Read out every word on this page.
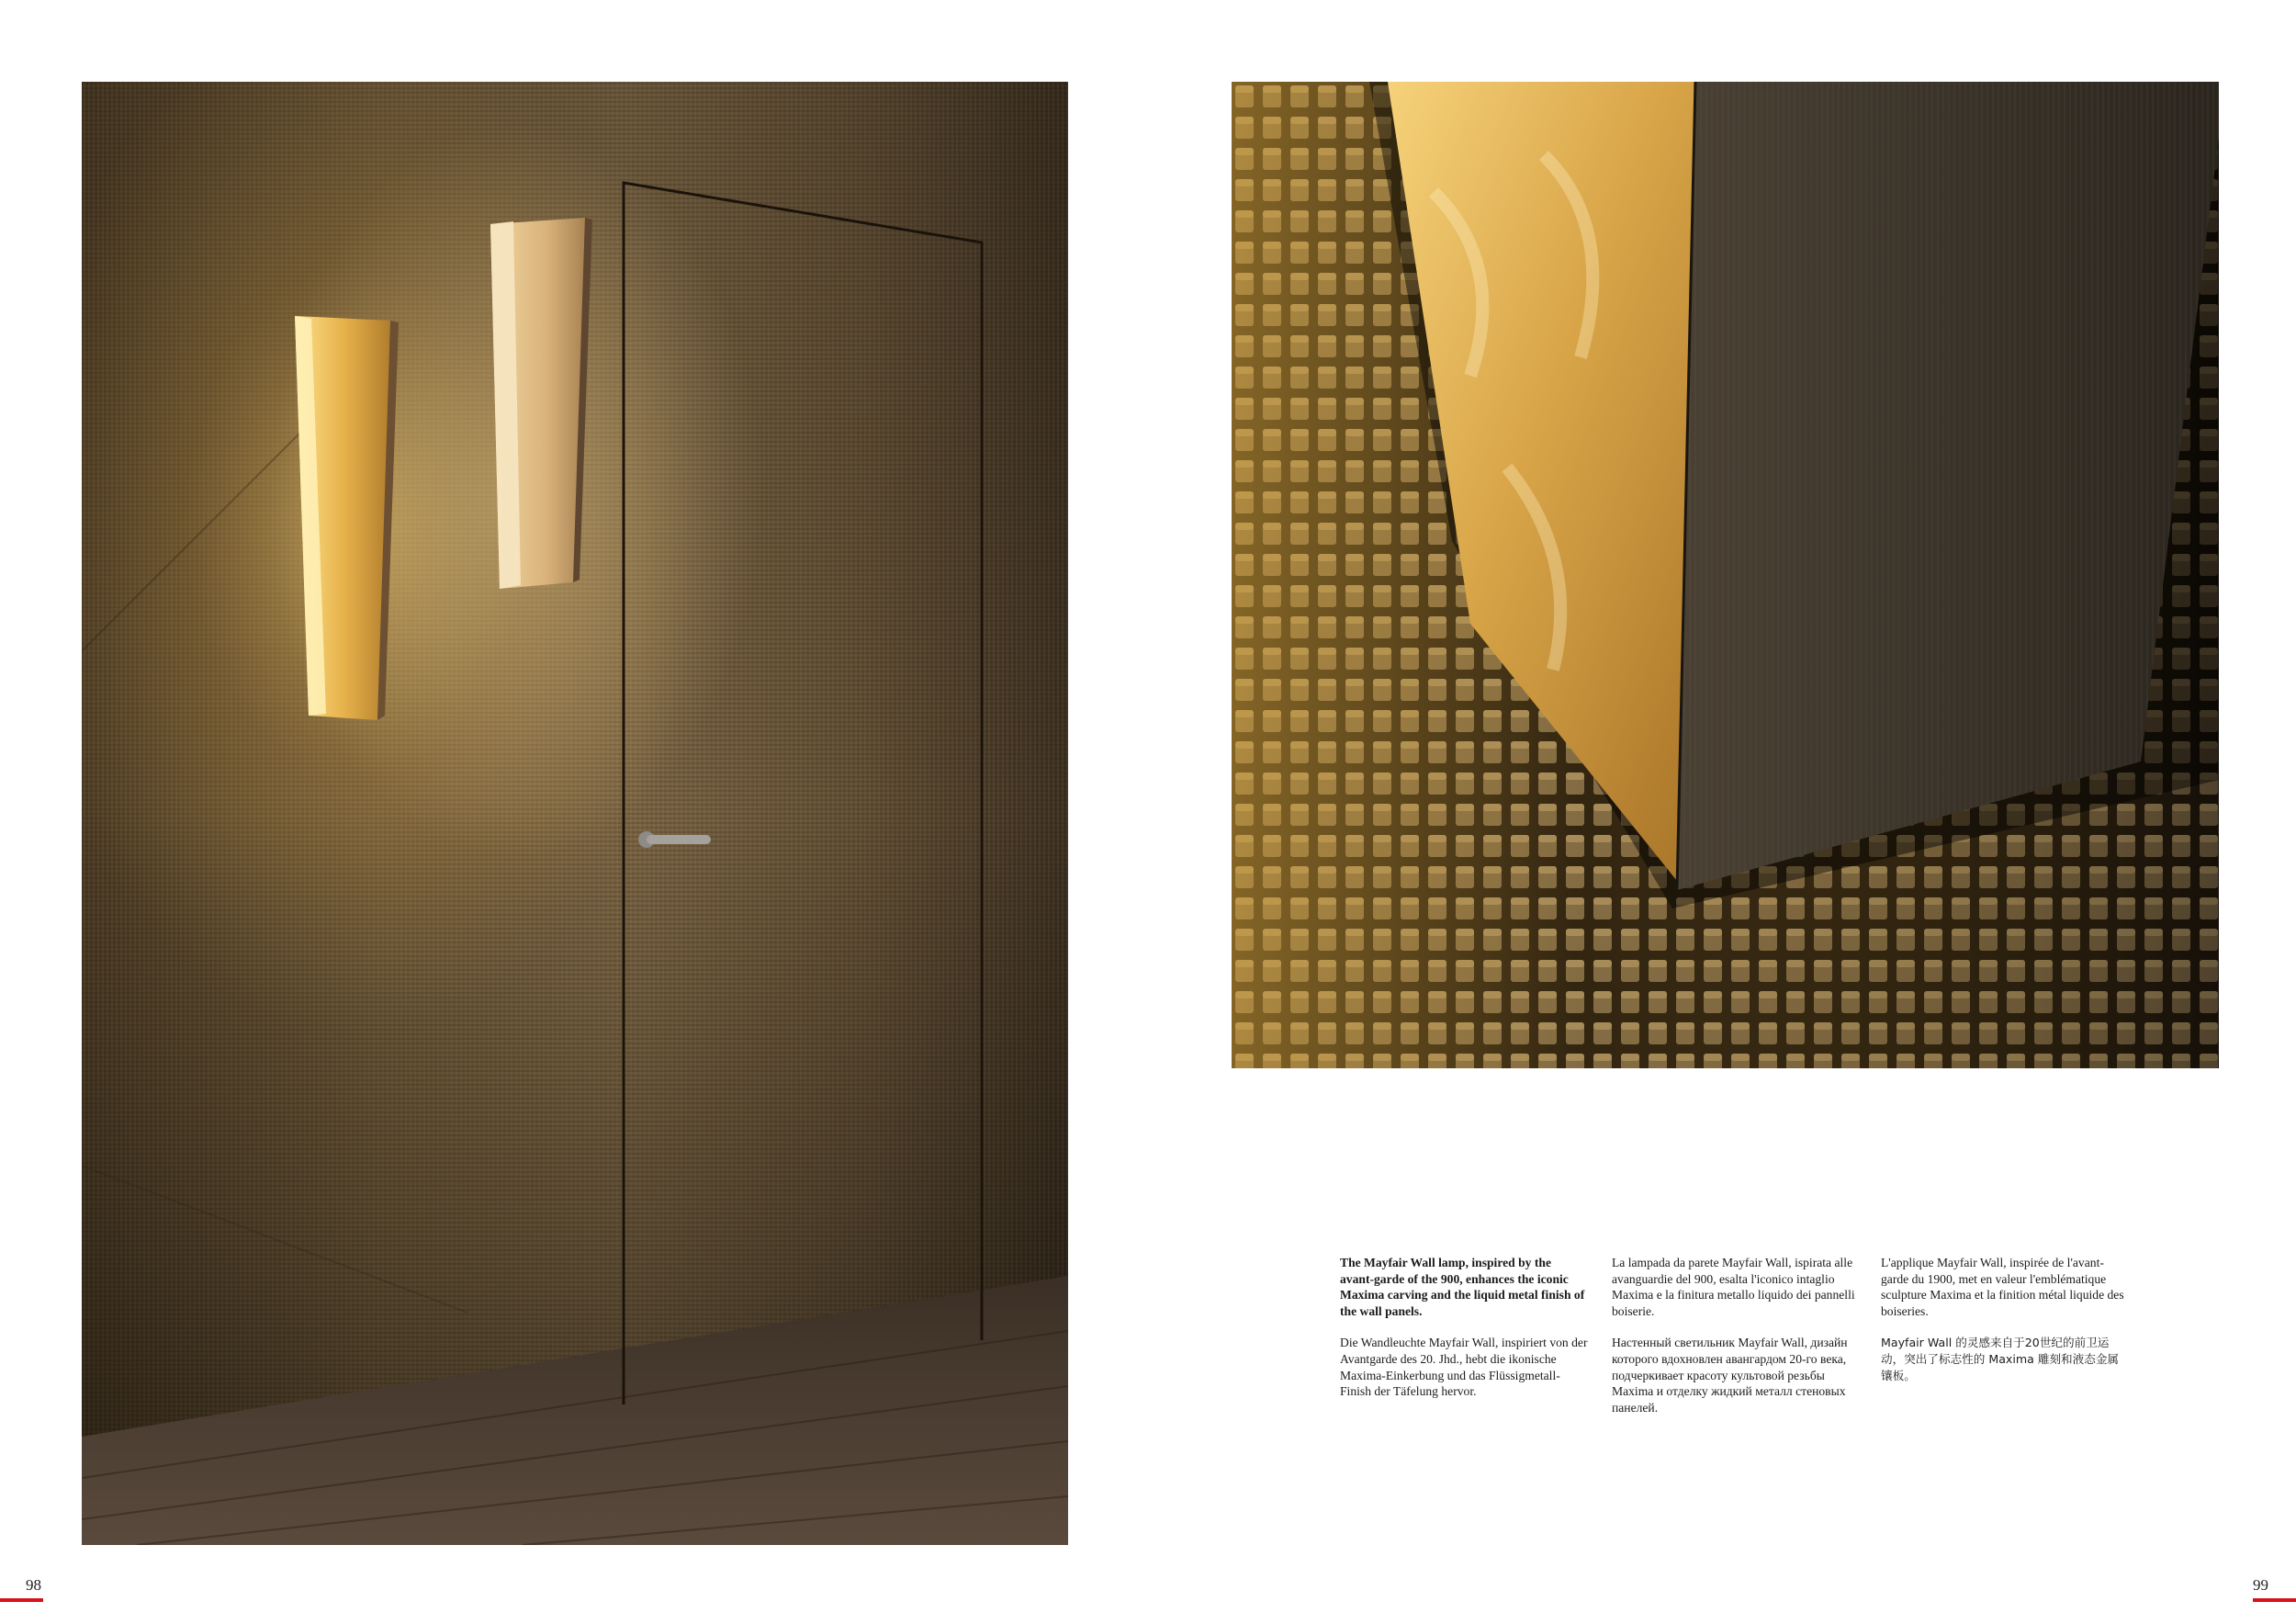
The Mayfair Wall lamp, inspired by the avant-garde of the 900, enhances the iconic Maxima carving and the liquid metal finish of the wall panels.

Die Wandleuchte Mayfair Wall, inspiriert von der Avantgarde des 20. Jhd., hebt die ikonische Maxima-Einkerbung und das Flüssigmetall-Finish der Täfelung hervor.

La lampada da parete Mayfair Wall, ispirata alle avanguardie del 900, esalta l'iconico intaglio Maxima e la finitura metallo liquido dei pannelli boiserie.

Настенный светильник Mayfair Wall, дизайн которого вдохновлен авангардом 20-го века, подчеркивает красоту культовой резьбы Maxima и отделку жидкий металл стеновых панелей.

L'applique Mayfair Wall, inspirée de l'avant-garde du 1900, met en valeur l'emblématique sculpture Maxima et la finition métal liquide des boiseries.

Mayfair Wall 的灵感来自于20世纪的前卫运动，突出了标志性的 Maxima 雕刻和液态金属镶板。

98	99
